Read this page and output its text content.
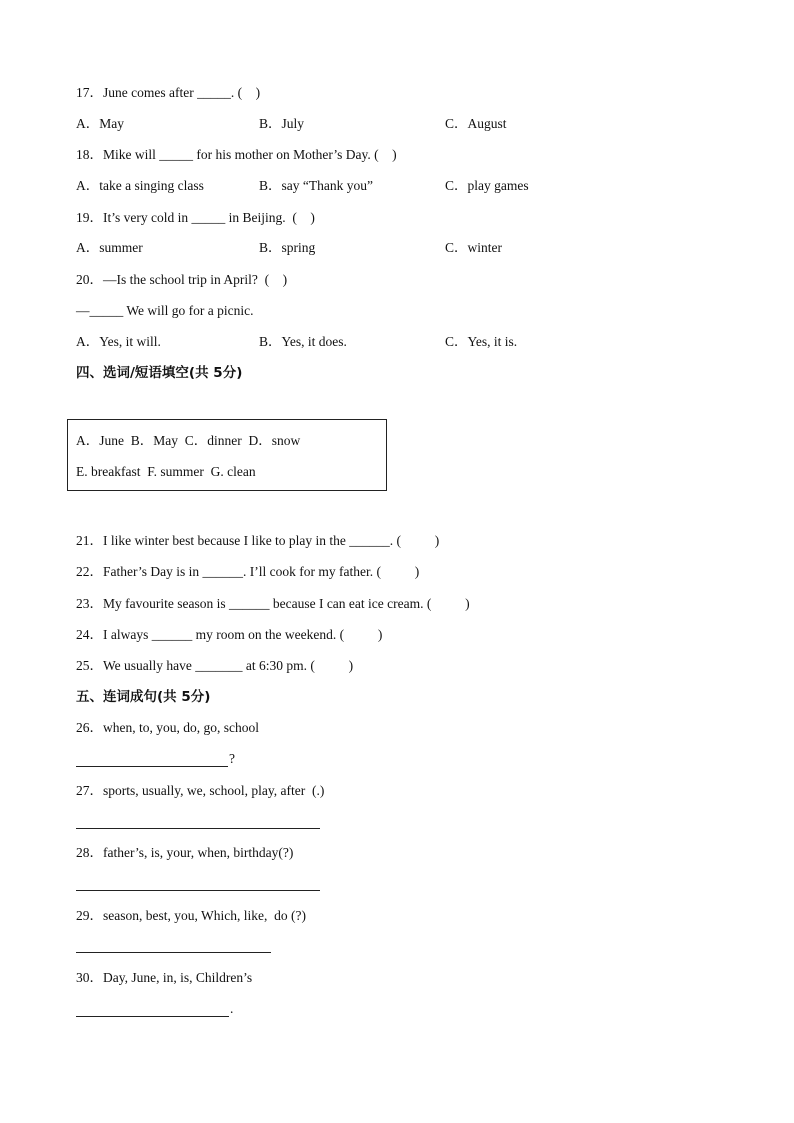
17．June comes after _____. (    )
A．May	B．July	C．August
18．Mike will _____ for his mother on Mother’s Day. (    )
A．take a singing class	B．say “Thank you”	C．play games
19．It’s very cold in _____ in Beijing.  (    )
A．summer	B．spring	C．winter
20．—Is the school trip in April?  (    )
—_____ We will go for a picnic.
A．Yes, it will.	B．Yes, it does.	C．Yes, it is.
四、选词/短语填空(共 5分)
A．June  B．May  C．dinner  D．snow
E. breakfast  F. summer  G. clean
21．I like winter best because I like to play in the ______. (          )
22．Father’s Day is in ______. I’ll cook for my father. (          )
23．My favourite season is ______ because I can eat ice cream. (          )
24．I always ______ my room on the weekend. (          )
25．We usually have _______ at 6:30 pm. (          )
五、连词成句(共 5分)
26．when, to, you, do, go, school
?
27．sports, usually, we, school, play, after  (.)
28．father’s, is, your, when, birthday(?)
29．season, best, you, Which, like,  do (?)
30．Day, June, in, is, Children’s
.
